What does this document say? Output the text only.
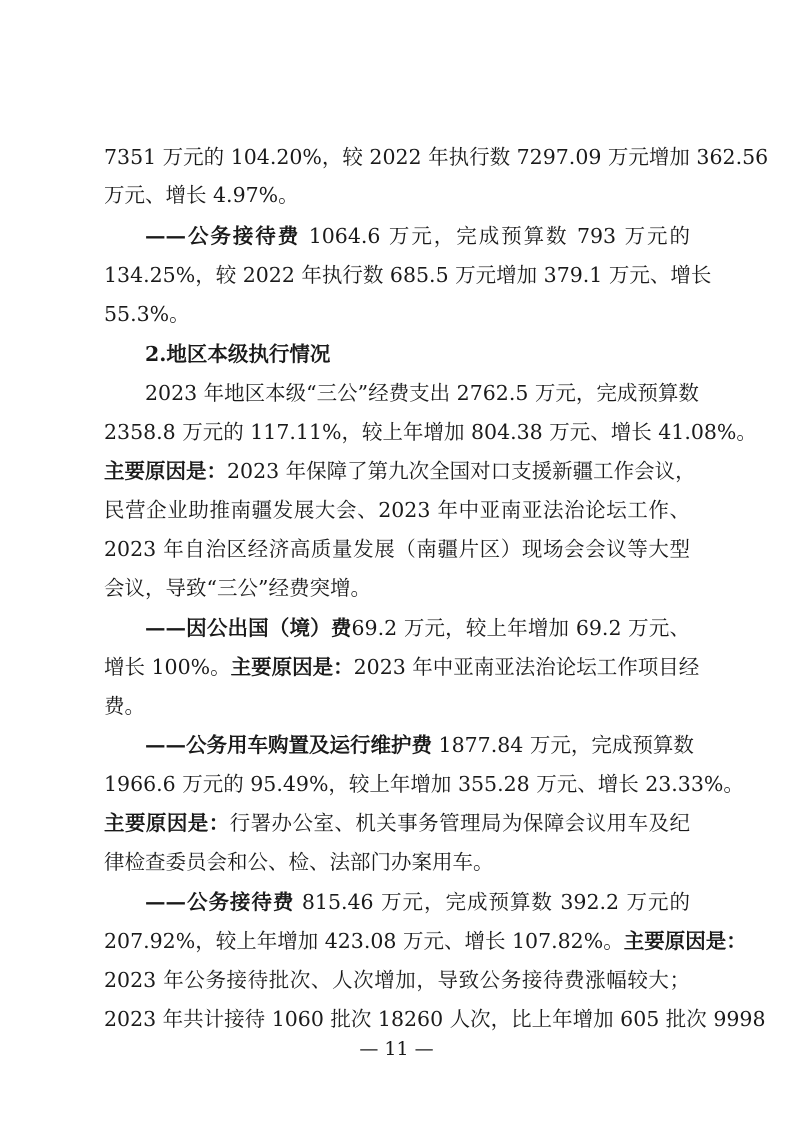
7351 万元的 104.20%，较 2022 年执行数 7297.09 万元增加 362.56
万元、增长 4.97%。
——公务接待费 1064.6 万元，完成预算数 793 万元的
134.25%，较 2022 年执行数 685.5 万元增加 379.1 万元、增长
55.3%。
2.地区本级执行情况
2023 年地区本级“三公”经费支出 2762.5 万元，完成预算数
2358.8 万元的 117.11%，较上年增加 804.38 万元、增长 41.08%。
主要原因是：2023 年保障了第九次全国对口支援新疆工作会议，
民营企业助推南疆发展大会、2023 年中亚南亚法治论坛工作、
2023 年自治区经济高质量发展（南疆片区）现场会会议等大型
会议，导致“三公”经费突增。
——因公出国（境）费69.2 万元，较上年增加 69.2 万元、
增长 100%。主要原因是：2023 年中亚南亚法治论坛工作项目经
费。
——公务用车购置及运行维护费 1877.84 万元，完成预算数
1966.6 万元的 95.49%，较上年增加 355.28 万元、增长 23.33%。
主要原因是：行署办公室、机关事务管理局为保障会议用车及纪
律检查委员会和公、检、法部门办案用车。
——公务接待费 815.46 万元，完成预算数 392.2 万元的
207.92%，较上年增加 423.08 万元、增长 107.82%。主要原因是：
2023 年公务接待批次、人次增加，导致公务接待费涨幅较大；
2023 年共计接待 1060 批次 18260 人次，比上年增加 605 批次 9998
— 11 —
